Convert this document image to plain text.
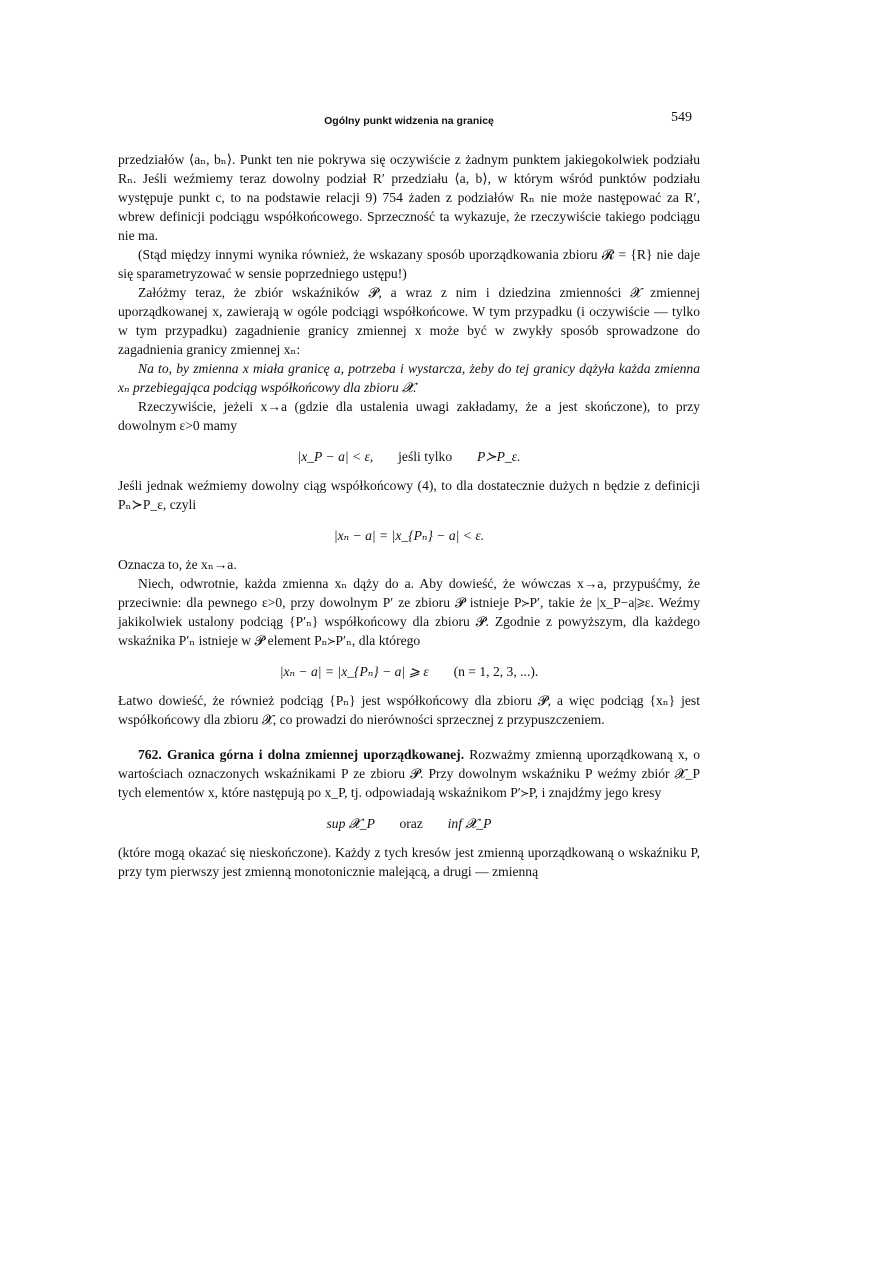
Ogólny punkt widzenia na granicę	549

przedziałów ⟨aₙ, bₙ⟩. Punkt ten nie pokrywa się oczywiście z żadnym punktem jakiegokolwiek podziału Rₙ. Jeśli weźmiemy teraz dowolny podział R′ przedziału ⟨a, b⟩, w którym wśród punktów podziału występuje punkt c, to na podstawie relacji 9) 754 żaden z podziałów Rₙ nie może następować za R′, wbrew definicji podciągu współkońcowego. Sprzeczność ta wykazuje, że rzeczywiście takiego podciągu nie ma.

(Stąd między innymi wynika również, że wskazany sposób uporządkowania zbioru 𝓡 = {R} nie daje się sparametryzować w sensie poprzedniego ustępu!)

Załóżmy teraz, że zbiór wskaźników 𝓟, a wraz z nim i dziedzina zmienności 𝓧 zmiennej uporządkowanej x, zawierają w ogóle podciągi współkońcowe. W tym przypadku (i oczywiście — tylko w tym przypadku) zagadnienie granicy zmiennej x może być w zwykły sposób sprowadzone do zagadnienia granicy zmiennej xₙ:

Na to, by zmienna x miała granicę a, potrzeba i wystarcza, żeby do tej granicy dążyła każda zmienna xₙ przebiegająca podciąg współkońcowy dla zbioru 𝓧.

Rzeczywiście, jeżeli x→a (gdzie dla ustalenia uwagi zakładamy, że a jest skończone), to przy dowolnym ε>0 mamy

|x_P − a| < ε, jeśli tylko P≻P_ε.

Jeśli jednak weźmiemy dowolny ciąg współkońcowy (4), to dla dostatecznie dużych n będzie z definicji Pₙ≻P_ε, czyli

|xₙ − a| = |x_{Pₙ} − a| < ε.

Oznacza to, że xₙ→a.

Niech, odwrotnie, każda zmienna xₙ dąży do a. Aby dowieść, że wówczas x→a, przypuśćmy, że przeciwnie: dla pewnego ε>0, przy dowolnym P′ ze zbioru 𝓟 istnieje P≻P′, takie że |x_P−a|⩾ε. Weźmy jakikolwiek ustalony podciąg {P′ₙ} współkońcowy dla zbioru 𝓟. Zgodnie z powyższym, dla każdego wskaźnika P′ₙ istnieje w 𝓟 element Pₙ≻P′ₙ, dla którego

|xₙ − a| = |x_{Pₙ} − a| ⩾ ε (n = 1, 2, 3, ...).

Łatwo dowieść, że również podciąg {Pₙ} jest współkońcowy dla zbioru 𝓟, a więc podciąg {xₙ} jest współkońcowy dla zbioru 𝓧, co prowadzi do nierówności sprzecznej z przypuszczeniem.

762. Granica górna i dolna zmiennej uporządkowanej. Rozważmy zmienną uporządkowaną x, o wartościach oznaczonych wskaźnikami P ze zbioru 𝓟. Przy dowolnym wskaźniku P weźmy zbiór 𝓧_P tych elementów x, które następują po x_P, tj. odpowiadają wskaźnikom P′≻P, i znajdźmy jego kresy

sup 𝓧_P oraz inf 𝓧_P

(które mogą okazać się nieskończone). Każdy z tych kresów jest zmienną uporządkowaną o wskaźniku P, przy tym pierwszy jest zmienną monotonicznie malejącą, a drugi — zmienną
